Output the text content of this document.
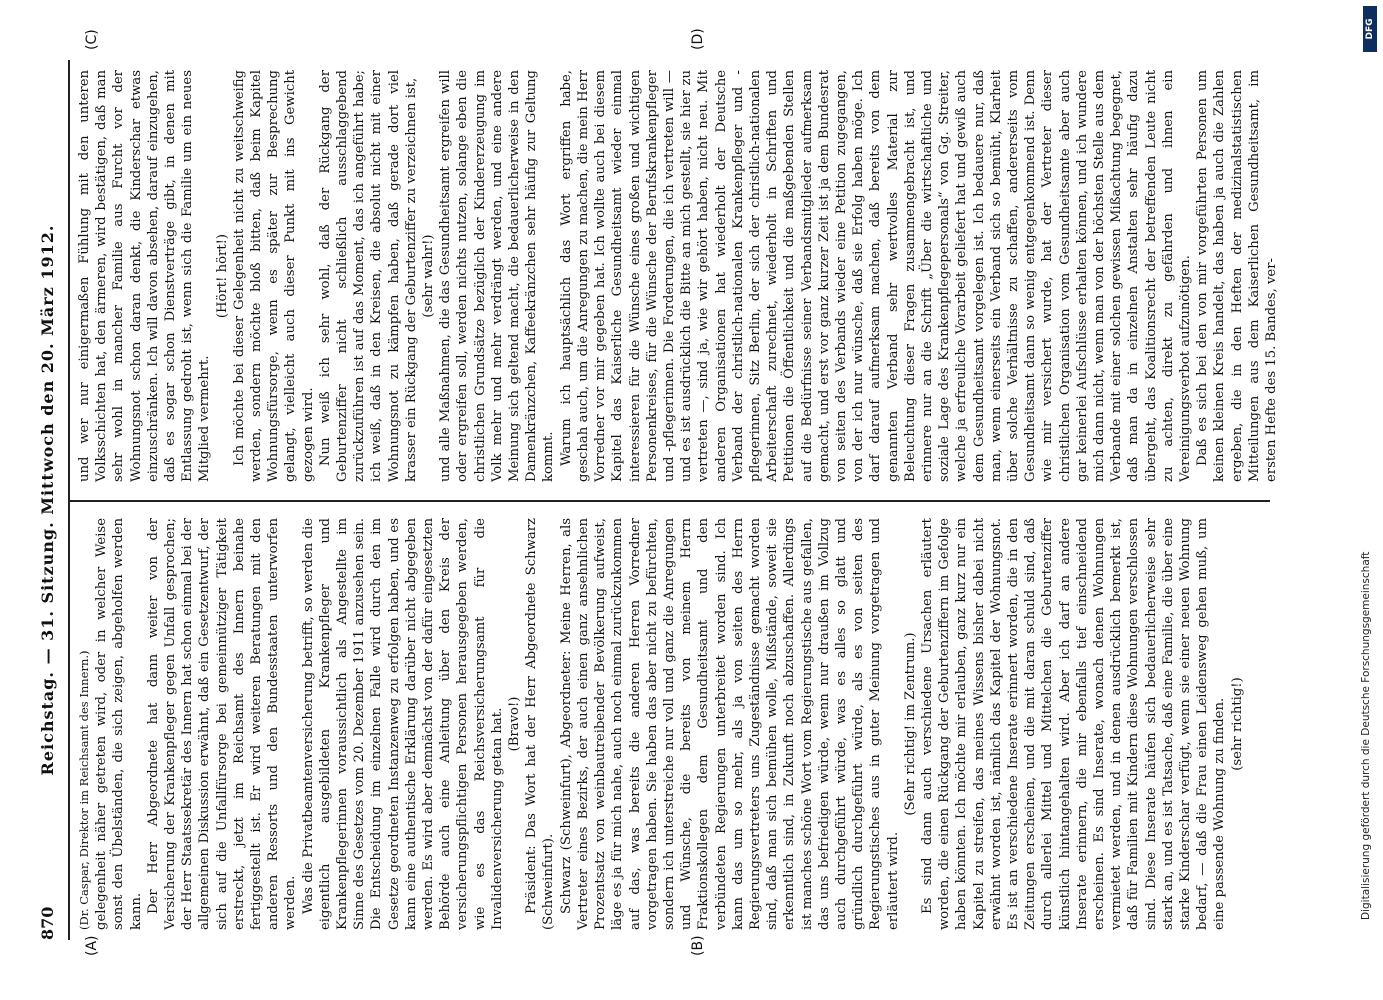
870
Reichstag. — 31. Sitzung. Mittwoch den 20. März 1912.
(A)	(B)
(C)	(D)

(Dr. Caspar, Direktor im Reichsamt des Innern.) gelegenheit näher getreten wird, oder in welcher Weise sonst den Übelständen, die sich zeigen, abgeholfen werden kann. Der Herr Abgeordnete hat dann weiter von der Versicherung der Krankenpfleger gegen Unfall gesprochen; der Herr Staatssekretär des Innern hat schon einmal bei der allgemeinen Diskussion erwähnt, daß ein Gesetzentwurf, der sich auf die Unfallfürsorge bei gemeinnütziger Tätigkeit erstreckt, jetzt im Reichsamt des Innern beinahe fertiggestellt ist. Er wird weiteren Beratungen mit den anderen Ressorts und den Bundesstaaten unterworfen werden. Was die Privatbeamtenversicherung betrifft, so werden die eigentlich ausgebildeten Krankenpfleger und Krankenpflegerinnen voraussichtlich als Angestellte im Sinne des Gesetzes vom 20. Dezember 1911 anzusehen sein. Die Entscheidung im einzelnen Falle wird durch den im Gesetze geordneten Instanzenweg zu erfolgen haben, und es kann eine authentische Erklärung darüber nicht abgegeben werden. Es wird aber demnächst von der dafür eingesetzten Behörde auch eine Anleitung über den Kreis der versicherungspflichtigen Personen herausgegeben werden, wie es das Reichsversicherungsamt für die Invalidenversicherung getan hat. (Bravo!) Präsident: Das Wort hat der Herr Abgeordnete Schwarz (Schweinfurt). Schwarz (Schweinfurt), Abgeordneter: Meine Herren, als Vertreter eines Bezirks, der auch einen ganz ansehnlichen Prozentsatz von weinbautreibender Bevölkerung aufweist, läge es ja für mich nahe, auch noch einmal zurückzukommen auf das, was bereits die anderen Herren Vorredner vorgetragen haben. Sie haben das aber nicht zu befürchten, sondern ich unterstreiche nur voll und ganz die Anregungen und Wünsche, die bereits von meinem Herrn Fraktionskollegen dem Gesundheitsamt und den verbündeten Regierungen unterbreitet worden sind. Ich kann das um so mehr, als ja von seiten des Herrn Regierungsvertreters uns Zugeständnisse gemacht worden sind, daß man sich bemühen wolle, Mißstände, soweit sie erkenntlich sind, in Zukunft noch abzuschaffen. Allerdings ist manches schöne Wort vom Regierungstische aus gefallen, das uns befriedigen würde, wenn nur draußen im Vollzug auch durchgeführt würde, was es alles so glatt und gründlich durchgeführt würde, als es von seiten des Regierungstisches aus in guter Meinung vorgetragen und erläutert wird.

(Sehr richtig! im Zentrum.) Es sind dann auch verschiedene Ursachen erläutert worden, die einen Rückgang der Geburtenziffern im Gefolge haben könnten. Ich möchte mir erlauben, ganz kurz nur ein Kapitel zu streifen, das meines Wissens bisher dabei nicht erwähnt worden ist, nämlich das Kapitel der Wohnungsnot. Es ist an verschiedene Inserate erinnert worden, die in den Zeitungen erscheinen, und die mit daran schuld sind, daß durch allerlei Mittel und Mittelchen die Geburtenziffer künstlich hintangehalten wird. Aber ich darf an andere Inserate erinnern, die mir ebenfalls tief einschneidend erscheinen. Es sind Inserate, wonach denen Wohnungen vermietet werden, und in denen ausdrücklich bemerkt ist, daß für Familien mit Kindern diese Wohnungen verschlossen sind. Diese Inserate häufen sich bedauerlicherweise sehr stark an, und es ist Tatsache, daß eine Familie, die über eine starke Kinderschar verfügt, wenn sie einer neuen Wohnung bedarf, — daß die Frau einen Leidensweg gehen muß, um eine passende Wohnung zu finden. (sehr richtig!)

und wer nur einigermaßen Fühlung mit den unteren Volksschichten hat, den ärmeren, wird bestätigen, daß man sehr wohl in mancher Familie aus Furcht vor der Wohnungsnot schon daran denkt, die Kinderschar etwas einzuschränken. Ich will davon absehen, darauf einzugehen, daß es sogar schon Dienstverträge gibt, in denen mit Entlassung gedroht ist, wenn sich die Familie um ein neues Mitglied vermehrt.

(Hört! hört!) Ich möchte bei dieser Gelegenheit nicht zu weitschweifig werden, sondern möchte bloß bitten, daß beim Kapitel Wohnungsfürsorge, wenn es später zur Besprechung gelangt, vielleicht auch dieser Punkt mit ins Gewicht gezogen wird. Nun weiß ich sehr wohl, daß der Rückgang der Geburtenziffer nicht schließlich ausschlaggebend zurückzuführen ist auf das Moment, das ich angeführt habe; ich weiß, daß in den Kreisen, die absolut nicht mit einer Wohnungsnot zu kämpfen haben, daß gerade dort viel krasser ein Rückgang der Geburtenziffer zu verzeichnen ist, (sehr wahr!) und alle Maßnahmen, die das Gesundheitsamt ergreifen will oder ergreifen soll, werden nichts nutzen, solange eben die christlichen Grundsätze bezüglich der Kindererzeugung im Volk mehr und mehr verdrängt werden, und eine andere Meinung sich geltend macht, die bedauerlicherweise in den Damenkränzchen, Kaffeekränzchen sehr häufig zur Geltung kommt. Warum ich hauptsächlich das Wort ergriffen habe, geschah auch, um die Anregungen zu machen, die mein Herr Vorredner vor mir gegeben hat. Ich wollte auch bei diesem Kapitel das Kaiserliche Gesundheitsamt wieder einmal interessieren für die Wünsche eines großen und wichtigen Personenkreises, für die Wünsche der Berufskrankenpfleger und -pflegerinnen. Die Forderungen, die ich vertreten will — und es ist ausdrücklich die Bitte an mich gestellt, sie hier zu vertreten —, sind ja, wie wir gehört haben, nicht neu. Mit anderen Organisationen hat wiederholt der Deutsche Verband der christlich-nationalen Krankenpfleger und -pflegerinnen, Sitz Berlin, der sich der christlich-nationalen Arbeiterschaft zurechnet, wiederholt in Schriften und Petitionen die Öffentlichkeit und die maßgebenden Stellen auf die Bedürfnisse seiner Verbandsmitglieder aufmerksam gemacht, und erst vor ganz kurzer Zeit ist ja dem Bundesrat von seiten des Verbands wieder eine Petition zugegangen, von der ich nur wünsche, daß sie Erfolg haben möge. Ich darf darauf aufmerksam machen, daß bereits von dem genannten Verband sehr wertvolles Material zur Beleuchtung dieser Fragen zusammengebracht ist, und erinnere nur an die Schrift „Über die wirtschaftliche und soziale Lage des Krankenpflegepersonals“ von Gg. Streiter, welche ja erfreuliche Vorarbeit geliefert hat und gewiß auch dem Gesundheitsamt vorgelegen ist. Ich bedauere nur, daß man, wenn einerseits ein Verband sich so bemüht, Klarheit über solche Verhältnisse zu schaffen, andererseits vom Gesundheitsamt dann so wenig entgegenkommend ist. Denn wie mir versichert wurde, hat der Vertreter dieser christlichen Organisation vom Gesundheitsamte aber auch gar keinerlei Aufschlüsse erhalten können, und ich wundere mich dann nicht, wenn man von der höchsten Stelle aus dem Verbande mit einer solchen gewissen Mißachtung begegnet, daß man da in einzelnen Anstalten sehr häufig dazu übergeht, das Koalitionsrecht der betreffenden Leute nicht zu achten, direkt zu gefährden und ihnen ein Vereinigungsverbot aufzunötigen. Daß es sich bei den von mir vorgeführten Personen um keinen kleinen Kreis handelt, das haben ja auch die Zahlen ergeben, die in den Heften der medizinalstatistischen Mitteilungen aus dem Kaiserlichen Gesundheitsamt, im ersten Hefte des 15. Bandes, ver-

Digitalisierung gefördert durch die Deutsche Forschungsgemeinschaft
DFG
